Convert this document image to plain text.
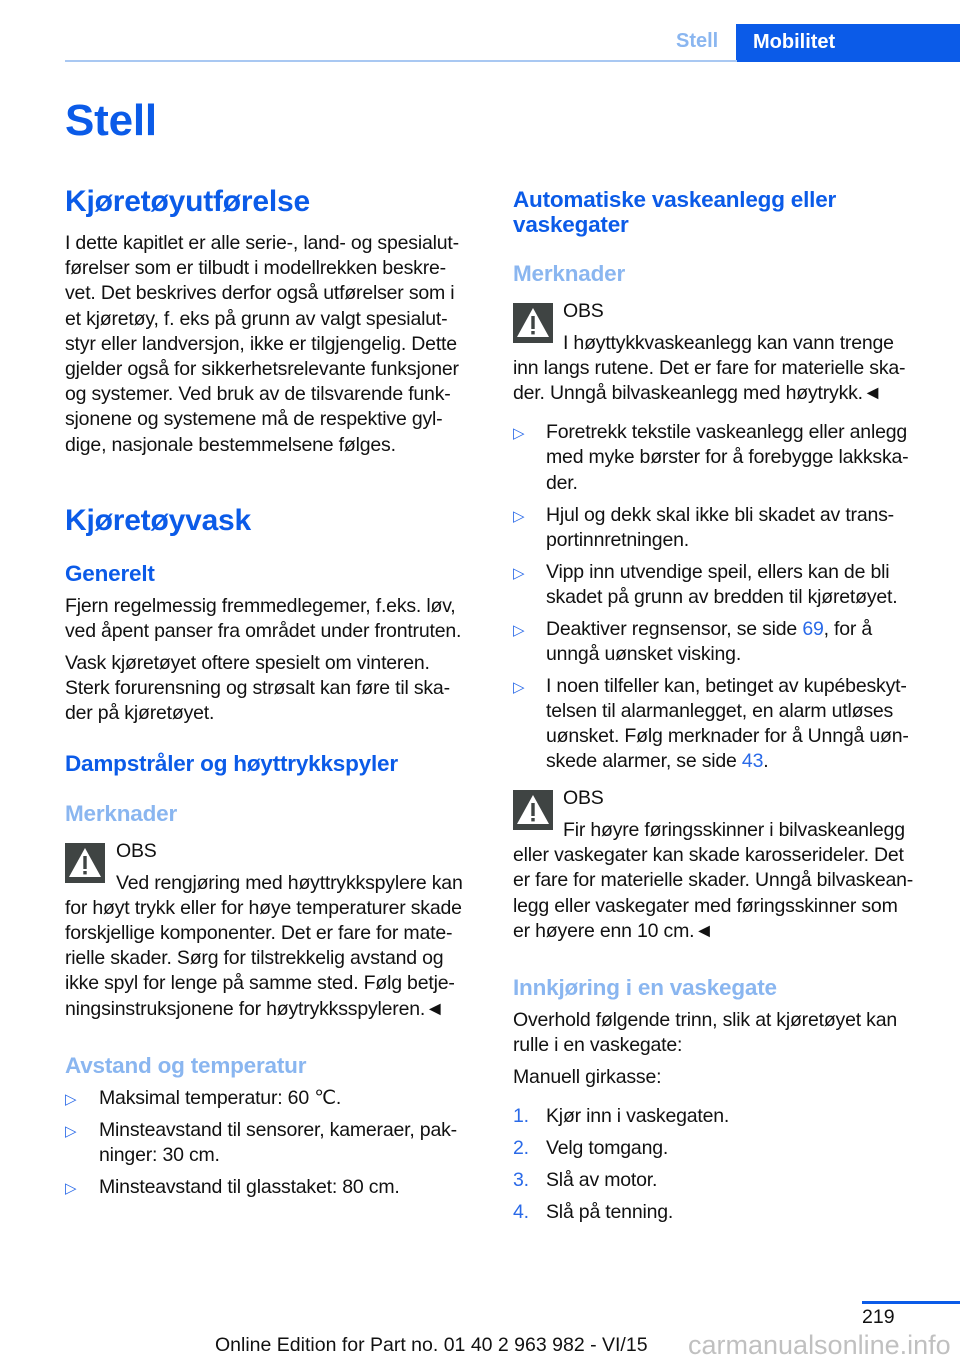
Stell	Mobilitet
Stell
Kjøretøyutførelse
I dette kapitlet er alle serie-, land- og spesialut-
førelser som er tilbudt i modellrekken beskre-
vet. Det beskrives derfor også utførelser som i
et kjøretøy, f. eks på grunn av valgt spesialut-
styr eller landversjon, ikke er tilgjengelig. Dette
gjelder også for sikkerhetsrelevante funksjoner
og systemer. Ved bruk av de tilsvarende funk-
sjonene og systemene må de respektive gyl-
dige, nasjonale bestemmelsene følges.
Kjøretøyvask
Generelt
Fjern regelmessig fremmedlegemer, f.eks. løv,
ved åpent panser fra området under frontruten.
Vask kjøretøyet oftere spesielt om vinteren.
Sterk forurensning og strøsalt kan føre til ska-
der på kjøretøyet.
Dampstråler og høyttrykkspyler
Merknader
OBS
Ved rengjøring med høyttrykkspylere kan
for høyt trykk eller for høye temperaturer skade
forskjellige komponenter. Det er fare for mate-
rielle skader. Sørg for tilstrekkelig avstand og
ikke spyl for lenge på samme sted. Følg betje-
ningsinstruksjonene for høytrykksspyleren.◄
Avstand og temperatur
▷ Maksimal temperatur: 60 ℃.
▷ Minsteavstand til sensorer, kameraer, pak-
ninger: 30 cm.
▷ Minsteavstand til glasstaket: 80 cm.
Automatiske vaskeanlegg eller
vaskegater
Merknader
OBS
I høyttykkvaskeanlegg kan vann trenge
inn langs rutene. Det er fare for materielle ska-
der. Unngå bilvaskeanlegg med høytrykk.◄
▷ Foretrekk tekstile vaskeanlegg eller anlegg
med myke børster for å forebygge lakkska-
der.
▷ Hjul og dekk skal ikke bli skadet av trans-
portinnretningen.
▷ Vipp inn utvendige speil, ellers kan de bli
skadet på grunn av bredden til kjøretøyet.
▷ Deaktiver regnsensor, se side 69, for å
unngå uønsket visking.
▷ I noen tilfeller kan, betinget av kupébeskyt-
telsen til alarmanlegget, en alarm utløses
uønsket. Følg merknader for å Unngå uøn-
skede alarmer, se side 43.
OBS
Fir høyre føringsskinner i bilvaskeanlegg
eller vaskegater kan skade karosserideler. Det
er fare for materielle skader. Unngå bilvaskean-
legg eller vaskegater med føringsskinner som
er høyere enn 10 cm.◄
Innkjøring i en vaskegate
Overhold følgende trinn, slik at kjøretøyet kan
rulle i en vaskegate:
Manuell girkasse:
1. Kjør inn i vaskegaten.
2. Velg tomgang.
3. Slå av motor.
4. Slå på tenning.
219
Online Edition for Part no. 01 40 2 963 982 - VI/15 carmanualsonline.info
